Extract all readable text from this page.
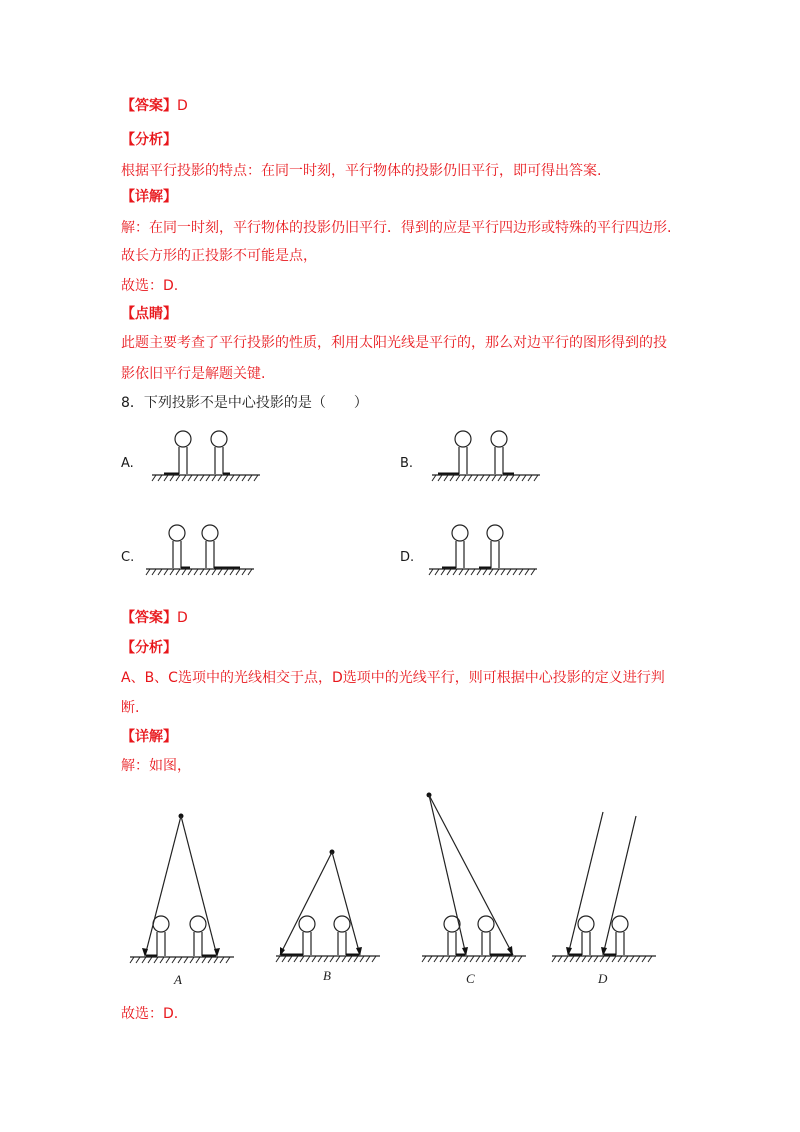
【答案】D
【分析】
根据平行投影的特点：在同一时刻，平行物体的投影仍旧平行，即可得出答案.
【详解】
解：在同一时刻，平行物体的投影仍旧平行．得到的应是平行四边形或特殊的平行四边形.
故长方形的正投影不可能是点，
故选：D.
【点睛】
此题主要考查了平行投影的性质，利用太阳光线是平行的，那么对边平行的图形得到的投
影依旧平行是解题关键.
8．下列投影不是中心投影的是（　　）
A.	B.
C.	D.
【答案】D
【分析】
A、B、C选项中的光线相交于点，D选项中的光线平行，则可根据中心投影的定义进行判
断.
【详解】
解：如图，
A	B	C	D
故选：D.
